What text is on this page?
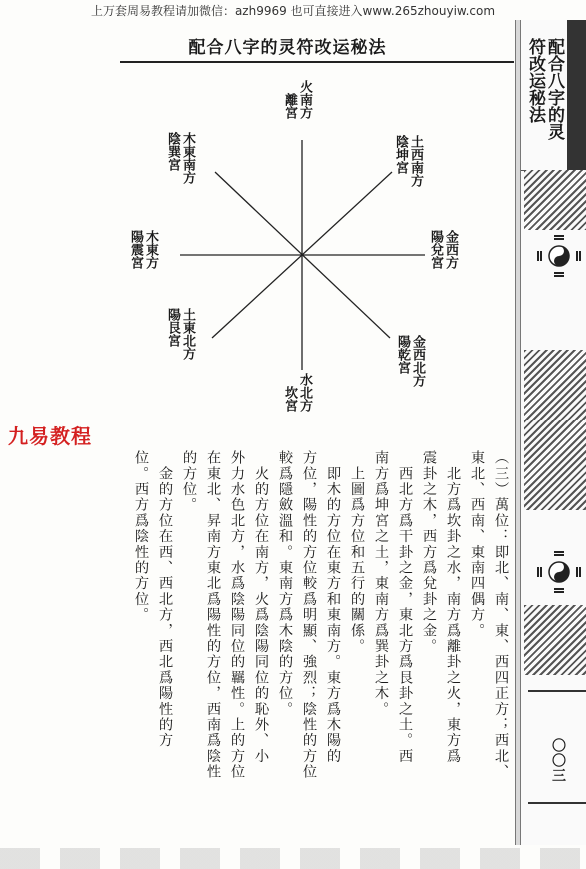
上万套周易教程请加微信：azh9969 也可直接进入www.265zhouyiw.com
配合八字的灵符改运秘法	配合八字的灵符改运秘法
〇〇三
火南方
　離宮
土西南方
陰坤宮
金西方
陽兌宮
金西北方
陽乾宮
水北方
　坎宮
土東北方
陽艮宮
木東方
陽震宮
木東南方
陰巽宮
九易教程
（三）萬位：即北、南、東、西四正方；西北、
東北、西南、東南四偶方。
　北方爲坎卦之水，南方爲離卦之火，東方爲
震卦之木，西方爲兌卦之金。
　西北方爲干卦之金，東北方爲艮卦之土。西
南方爲坤宮之土，東南方爲巽卦之木。
　上圖爲方位和五行的關係。
　即木的方位在東方和東南方。東方爲木陽的
方位，陽性的方位較爲明顯、強烈；陰性的方位
較爲隱斂溫和。東南方爲木陰的方位。
　火的方位在南方，火爲陰陽同位的恥外、小
外力水色北方，水爲陰陽同位的羈性。上的方位
在東北、昇南方東北爲陽性的方位，西南爲陰性
的方位。
　金的方位在西、西北方，西北爲陽性的方
位。西方爲陰性的方位。
